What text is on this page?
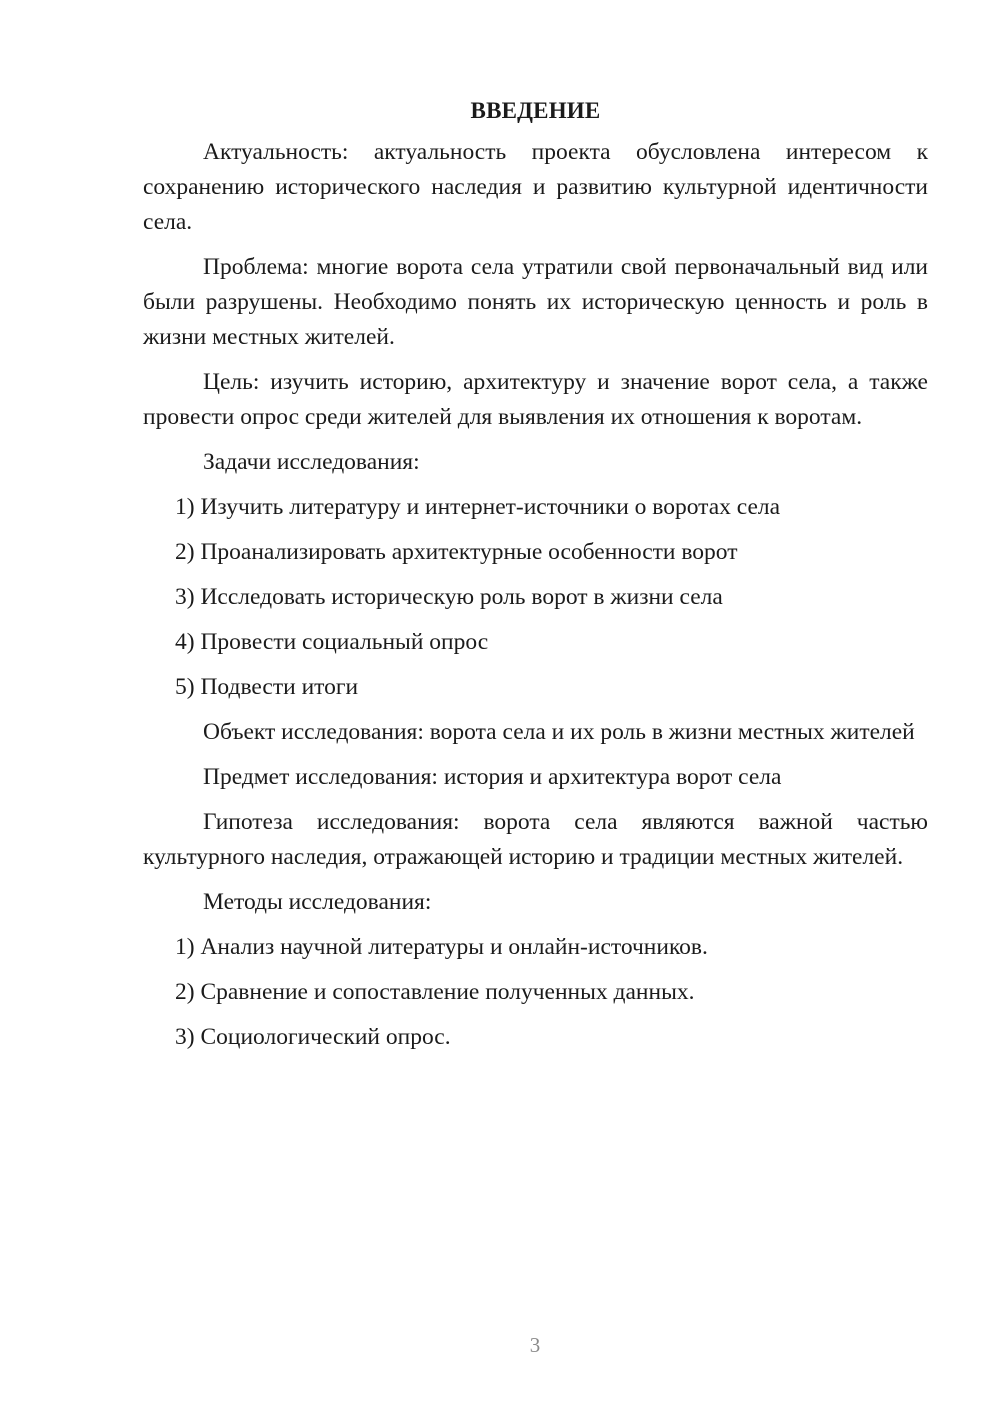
ВВЕДЕНИЕ

Актуальность: актуальность проекта обусловлена интересом к сохранению исторического наследия и развитию культурной идентичности села.

Проблема: многие ворота села утратили свой первоначальный вид или были разрушены. Необходимо понять их историческую ценность и роль в жизни местных жителей.

Цель: изучить историю, архитектуру и значение ворот села, а также провести опрос среди жителей для выявления их отношения к воротам.

Задачи исследования:

1) Изучить литературу и интернет-источники о воротах села
2) Проанализировать архитектурные особенности ворот
3) Исследовать историческую роль ворот в жизни села
4) Провести социальный опрос
5) Подвести итоги

Объект исследования: ворота села и их роль в жизни местных жителей

Предмет исследования: история и архитектура ворот села

Гипотеза исследования: ворота села являются важной частью культурного наследия, отражающей историю и традиции местных жителей.

Методы исследования:

1) Анализ научной литературы и онлайн-источников.
2) Сравнение и сопоставление полученных данных.
3) Социологический опрос.
3
